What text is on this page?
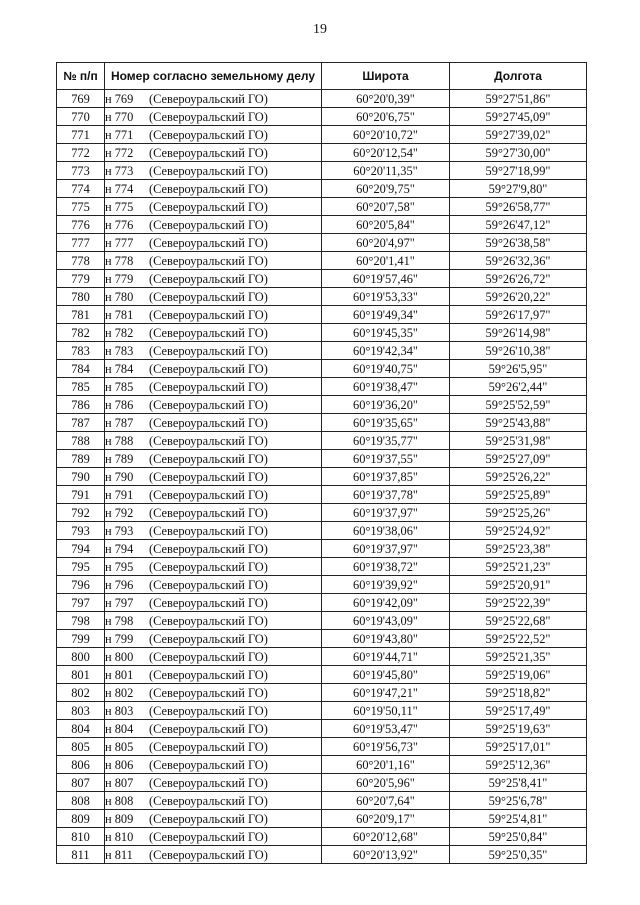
19
№ п/п	Номер согласно земельному делу	Широта	Долгота
769	н 769 (Североуральский ГО)	60°20'0,39"	59°27'51,86"
770	н 770 (Североуральский ГО)	60°20'6,75"	59°27'45,09"
771	н 771 (Североуральский ГО)	60°20'10,72"	59°27'39,02"
772	н 772 (Североуральский ГО)	60°20'12,54"	59°27'30,00"
773	н 773 (Североуральский ГО)	60°20'11,35"	59°27'18,99"
774	н 774 (Североуральский ГО)	60°20'9,75"	59°27'9,80"
775	н 775 (Североуральский ГО)	60°20'7,58"	59°26'58,77"
776	н 776 (Североуральский ГО)	60°20'5,84"	59°26'47,12"
777	н 777 (Североуральский ГО)	60°20'4,97"	59°26'38,58"
778	н 778 (Североуральский ГО)	60°20'1,41"	59°26'32,36"
779	н 779 (Североуральский ГО)	60°19'57,46"	59°26'26,72"
780	н 780 (Североуральский ГО)	60°19'53,33"	59°26'20,22"
781	н 781 (Североуральский ГО)	60°19'49,34"	59°26'17,97"
782	н 782 (Североуральский ГО)	60°19'45,35"	59°26'14,98"
783	н 783 (Североуральский ГО)	60°19'42,34"	59°26'10,38"
784	н 784 (Североуральский ГО)	60°19'40,75"	59°26'5,95"
785	н 785 (Североуральский ГО)	60°19'38,47"	59°26'2,44"
786	н 786 (Североуральский ГО)	60°19'36,20"	59°25'52,59"
787	н 787 (Североуральский ГО)	60°19'35,65"	59°25'43,88"
788	н 788 (Североуральский ГО)	60°19'35,77"	59°25'31,98"
789	н 789 (Североуральский ГО)	60°19'37,55"	59°25'27,09"
790	н 790 (Североуральский ГО)	60°19'37,85"	59°25'26,22"
791	н 791 (Североуральский ГО)	60°19'37,78"	59°25'25,89"
792	н 792 (Североуральский ГО)	60°19'37,97"	59°25'25,26"
793	н 793 (Североуральский ГО)	60°19'38,06"	59°25'24,92"
794	н 794 (Североуральский ГО)	60°19'37,97"	59°25'23,38"
795	н 795 (Североуральский ГО)	60°19'38,72"	59°25'21,23"
796	н 796 (Североуральский ГО)	60°19'39,92"	59°25'20,91"
797	н 797 (Североуральский ГО)	60°19'42,09"	59°25'22,39"
798	н 798 (Североуральский ГО)	60°19'43,09"	59°25'22,68"
799	н 799 (Североуральский ГО)	60°19'43,80"	59°25'22,52"
800	н 800 (Североуральский ГО)	60°19'44,71"	59°25'21,35"
801	н 801 (Североуральский ГО)	60°19'45,80"	59°25'19,06"
802	н 802 (Североуральский ГО)	60°19'47,21"	59°25'18,82"
803	н 803 (Североуральский ГО)	60°19'50,11"	59°25'17,49"
804	н 804 (Североуральский ГО)	60°19'53,47"	59°25'19,63"
805	н 805 (Североуральский ГО)	60°19'56,73"	59°25'17,01"
806	н 806 (Североуральский ГО)	60°20'1,16"	59°25'12,36"
807	н 807 (Североуральский ГО)	60°20'5,96"	59°25'8,41"
808	н 808 (Североуральский ГО)	60°20'7,64"	59°25'6,78"
809	н 809 (Североуральский ГО)	60°20'9,17"	59°25'4,81"
810	н 810 (Североуральский ГО)	60°20'12,68"	59°25'0,84"
811	н 811 (Североуральский ГО)	60°20'13,92"	59°25'0,35"
